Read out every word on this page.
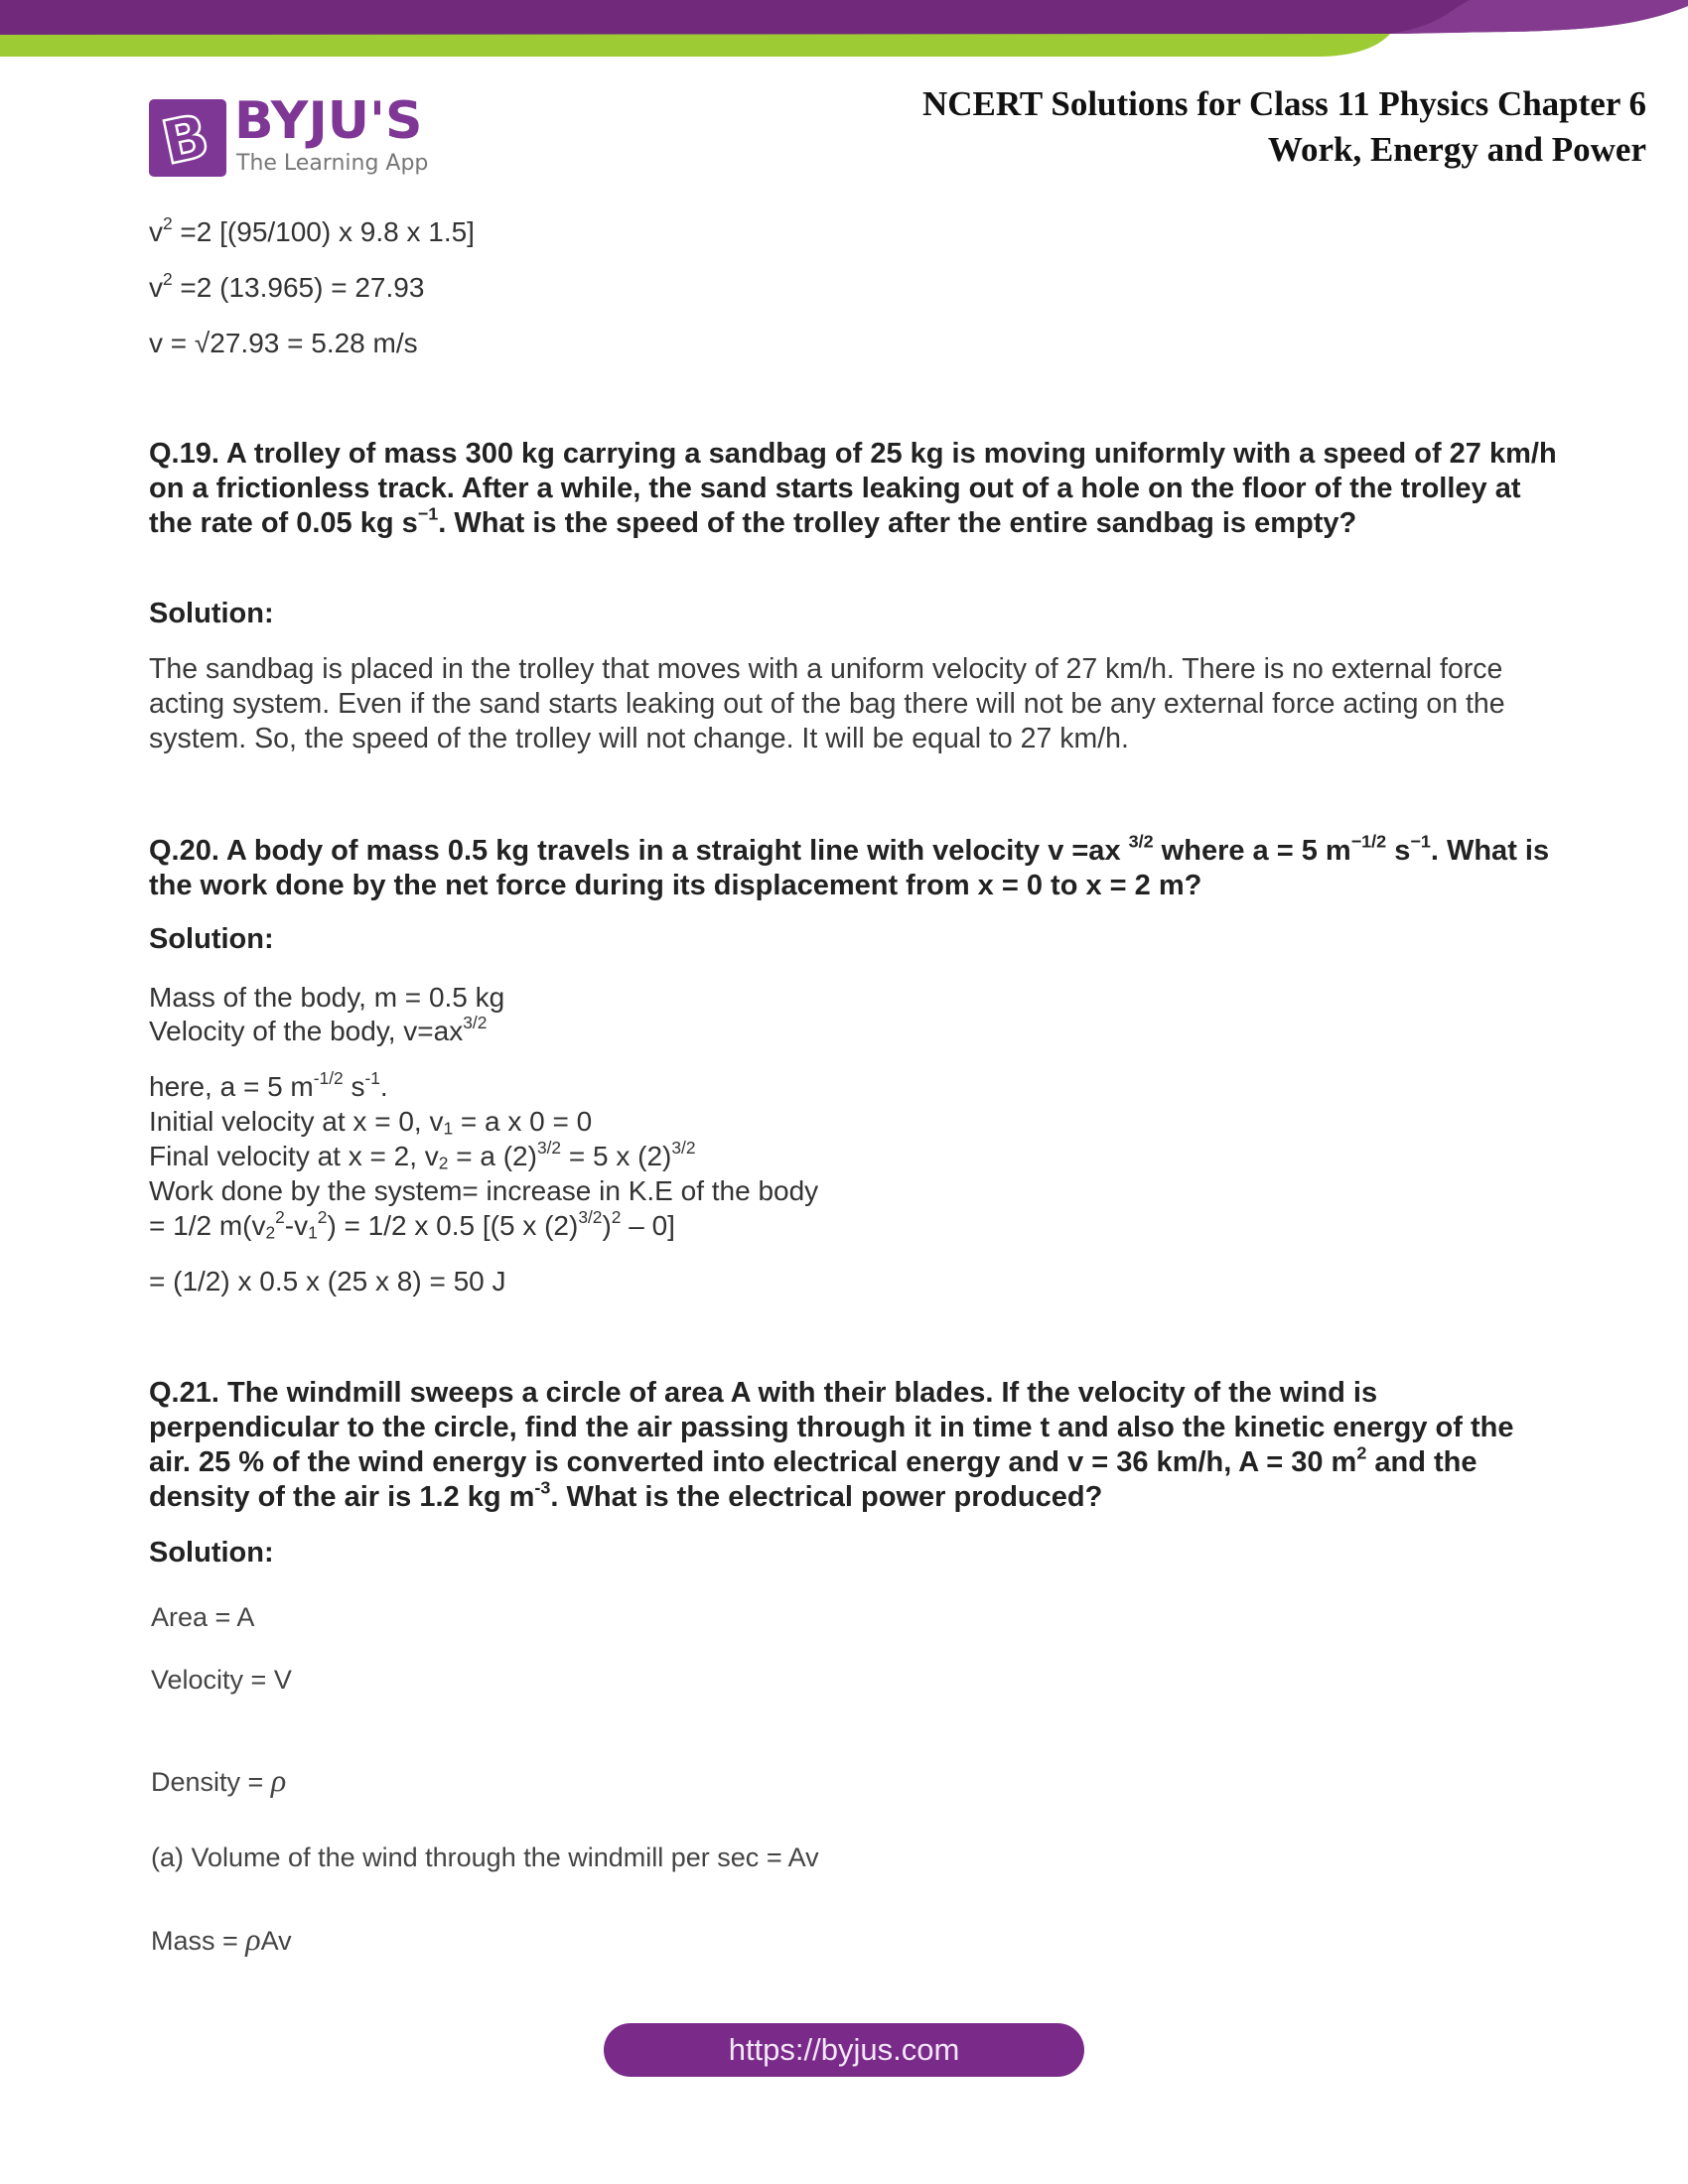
B BYJU'S
The Learning App
NCERT Solutions for Class 11 Physics Chapter 6
Work, Energy and Power
$v^2 =2$ [(95/100) x 9.8 x 1.5]
$v^2 =2$ (13.965) = 27.93
v = √27.93 = 5.28 m/s
Q.19. A trolley of mass 300 kg carrying a sandbag of 25 kg is moving uniformly with a speed of 27 km/h on a frictionless track. After a while, the sand starts leaking out of a hole on the floor of the trolley at the rate of 0.05 kg $s^{-1}$. What is the speed of the trolley after the entire sandbag is empty?
Solution:
The sandbag is placed in the trolley that moves with a uniform velocity of 27 km/h. There is no external force acting system. Even if the sand starts leaking out of the bag there will not be any external force acting on the system. So, the speed of the trolley will not change. It will be equal to 27 km/h.
Q.20. A body of mass 0.5 kg travels in a straight line with velocity v =ax $^{3/2}$ where a = 5 $m^{-1/2}$ $s^{-1}$. What is the work done by the net force during its displacement from x = 0 to x = 2 m?
Solution:
Mass of the body, m = 0.5 kg
Velocity of the body, $v=ax^{3/2}$
here, a = 5 $m^{-1/2}$ $s^{-1}$.
Initial velocity at x = 0, $v_1 = a$ x 0 = 0
Final velocity at x = 2, $v_2 = a$ $(2)^{3/2} = 5$ x $(2)^{3/2}$
Work done by the system= increase in K.E of the body
= 1/2 $m(v_2^2-v_1^2) = 1/2$ x 0.5 [(5 x $(2)^{3/2})^2 - 0$]
= (1/2) x 0.5 x (25 x 8) = 50 J
Q.21. The windmill sweeps a circle of area A with their blades. If the velocity of the wind is perpendicular to the circle, find the air passing through it in time t and also the kinetic energy of the air. 25 % of the wind energy is converted into electrical energy and v = 36 km/h, A = 30 $m^2$ and the density of the air is 1.2 kg $m^{-3}$. What is the electrical power produced?
Solution:
Area = A
Velocity = V
Density = ρ
(a) Volume of the wind through the windmill per sec = Av
Mass = ρAv
https://byjus.com
